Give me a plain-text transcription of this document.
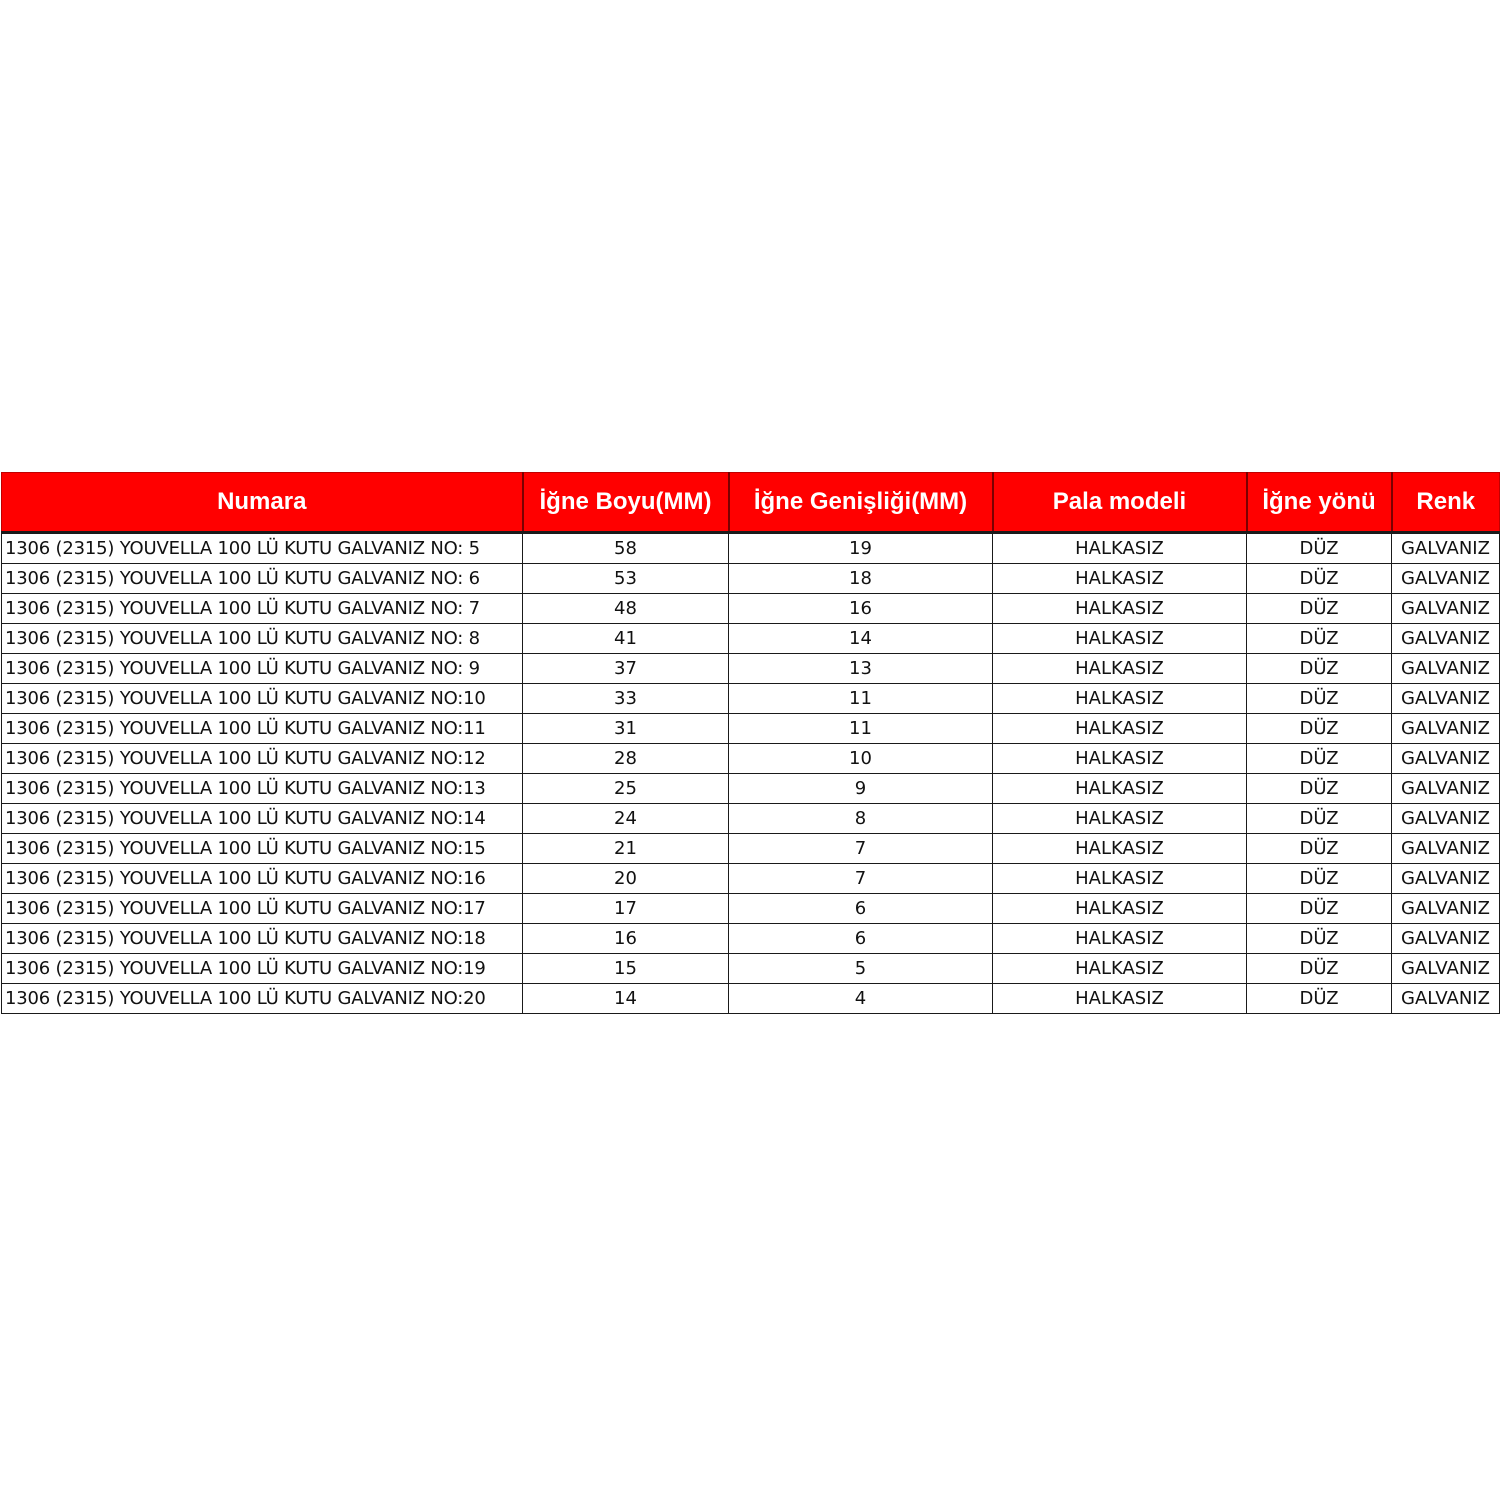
Numara	İğne Boyu(MM)	İğne Genişliği(MM)	Pala modeli	İğne yönü	Renk
1306 (2315) YOUVELLA 100 LÜ KUTU GALVANIZ NO: 5	58	19	HALKASIZ	DÜZ	GALVANIZ
1306 (2315) YOUVELLA 100 LÜ KUTU GALVANIZ NO: 6	53	18	HALKASIZ	DÜZ	GALVANIZ
1306 (2315) YOUVELLA 100 LÜ KUTU GALVANIZ NO: 7	48	16	HALKASIZ	DÜZ	GALVANIZ
1306 (2315) YOUVELLA 100 LÜ KUTU GALVANIZ NO: 8	41	14	HALKASIZ	DÜZ	GALVANIZ
1306 (2315) YOUVELLA 100 LÜ KUTU GALVANIZ NO: 9	37	13	HALKASIZ	DÜZ	GALVANIZ
1306 (2315) YOUVELLA 100 LÜ KUTU GALVANIZ NO:10	33	11	HALKASIZ	DÜZ	GALVANIZ
1306 (2315) YOUVELLA 100 LÜ KUTU GALVANIZ NO:11	31	11	HALKASIZ	DÜZ	GALVANIZ
1306 (2315) YOUVELLA 100 LÜ KUTU GALVANIZ NO:12	28	10	HALKASIZ	DÜZ	GALVANIZ
1306 (2315) YOUVELLA 100 LÜ KUTU GALVANIZ NO:13	25	9	HALKASIZ	DÜZ	GALVANIZ
1306 (2315) YOUVELLA 100 LÜ KUTU GALVANIZ NO:14	24	8	HALKASIZ	DÜZ	GALVANIZ
1306 (2315) YOUVELLA 100 LÜ KUTU GALVANIZ NO:15	21	7	HALKASIZ	DÜZ	GALVANIZ
1306 (2315) YOUVELLA 100 LÜ KUTU GALVANIZ NO:16	20	7	HALKASIZ	DÜZ	GALVANIZ
1306 (2315) YOUVELLA 100 LÜ KUTU GALVANIZ NO:17	17	6	HALKASIZ	DÜZ	GALVANIZ
1306 (2315) YOUVELLA 100 LÜ KUTU GALVANIZ NO:18	16	6	HALKASIZ	DÜZ	GALVANIZ
1306 (2315) YOUVELLA 100 LÜ KUTU GALVANIZ NO:19	15	5	HALKASIZ	DÜZ	GALVANIZ
1306 (2315) YOUVELLA 100 LÜ KUTU GALVANIZ NO:20	14	4	HALKASIZ	DÜZ	GALVANIZ
